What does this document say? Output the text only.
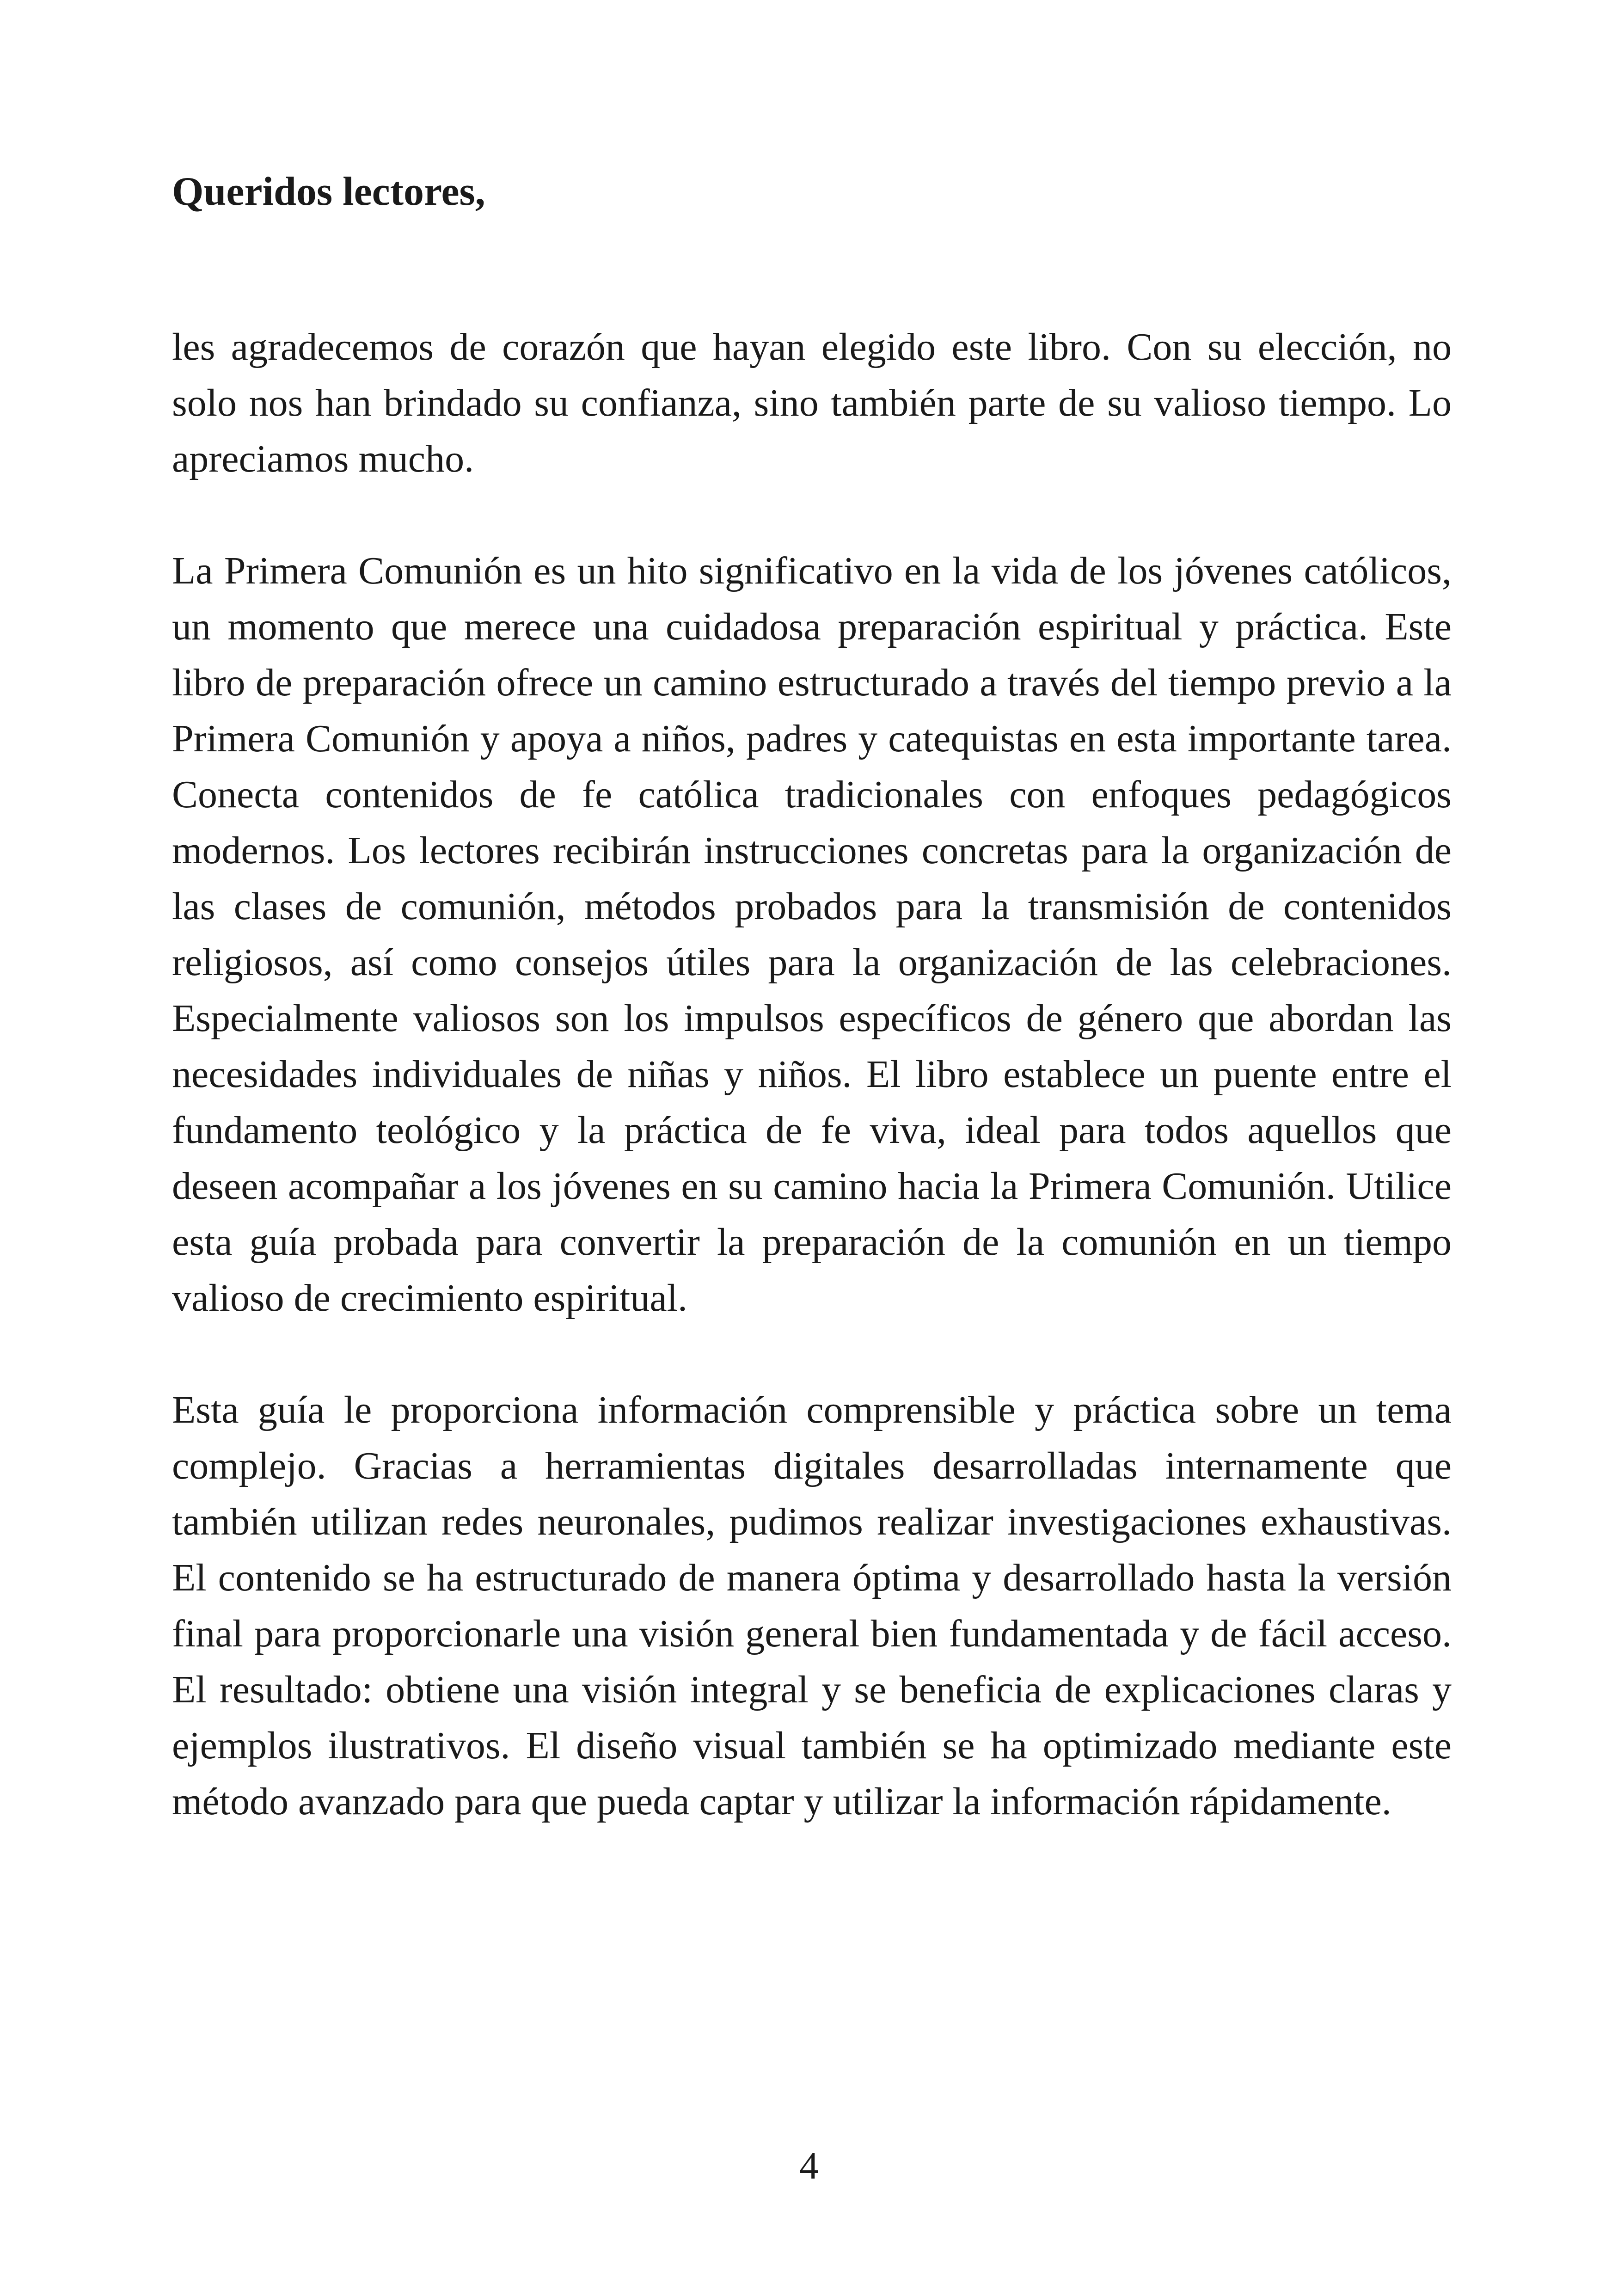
Queridos lectores,

les agradecemos de corazón que hayan elegido este libro. Con su elección, no solo nos han brindado su confianza, sino también parte de su valioso tiempo. Lo apreciamos mucho.

La Primera Comunión es un hito significativo en la vida de los jóvenes católicos, un momento que merece una cuidadosa preparación espiritual y práctica. Este libro de preparación ofrece un camino estructurado a través del tiempo previo a la Primera Comunión y apoya a niños, padres y catequistas en esta importante tarea. Conecta contenidos de fe católica tradicionales con enfoques pedagógicos modernos. Los lectores recibirán instrucciones concretas para la organización de las clases de comunión, métodos probados para la transmisión de contenidos religiosos, así como consejos útiles para la organización de las celebraciones. Especialmente valiosos son los impulsos específicos de género que abordan las necesidades individuales de niñas y niños. El libro establece un puente entre el fundamento teológico y la práctica de fe viva, ideal para todos aquellos que deseen acompañar a los jóvenes en su camino hacia la Primera Comunión. Utilice esta guía probada para convertir la preparación de la comunión en un tiempo valioso de crecimiento espiritual.

Esta guía le proporciona información comprensible y práctica sobre un tema complejo. Gracias a herramientas digitales desarrolladas internamente que también utilizan redes neuronales, pudimos realizar investigaciones exhaustivas. El contenido se ha estructurado de manera óptima y desarrollado hasta la versión final para proporcionarle una visión general bien fundamentada y de fácil acceso. El resultado: obtiene una visión integral y se beneficia de explicaciones claras y ejemplos ilustrativos. El diseño visual también se ha optimizado mediante este método avanzado para que pueda captar y utilizar la información rápidamente.

4
